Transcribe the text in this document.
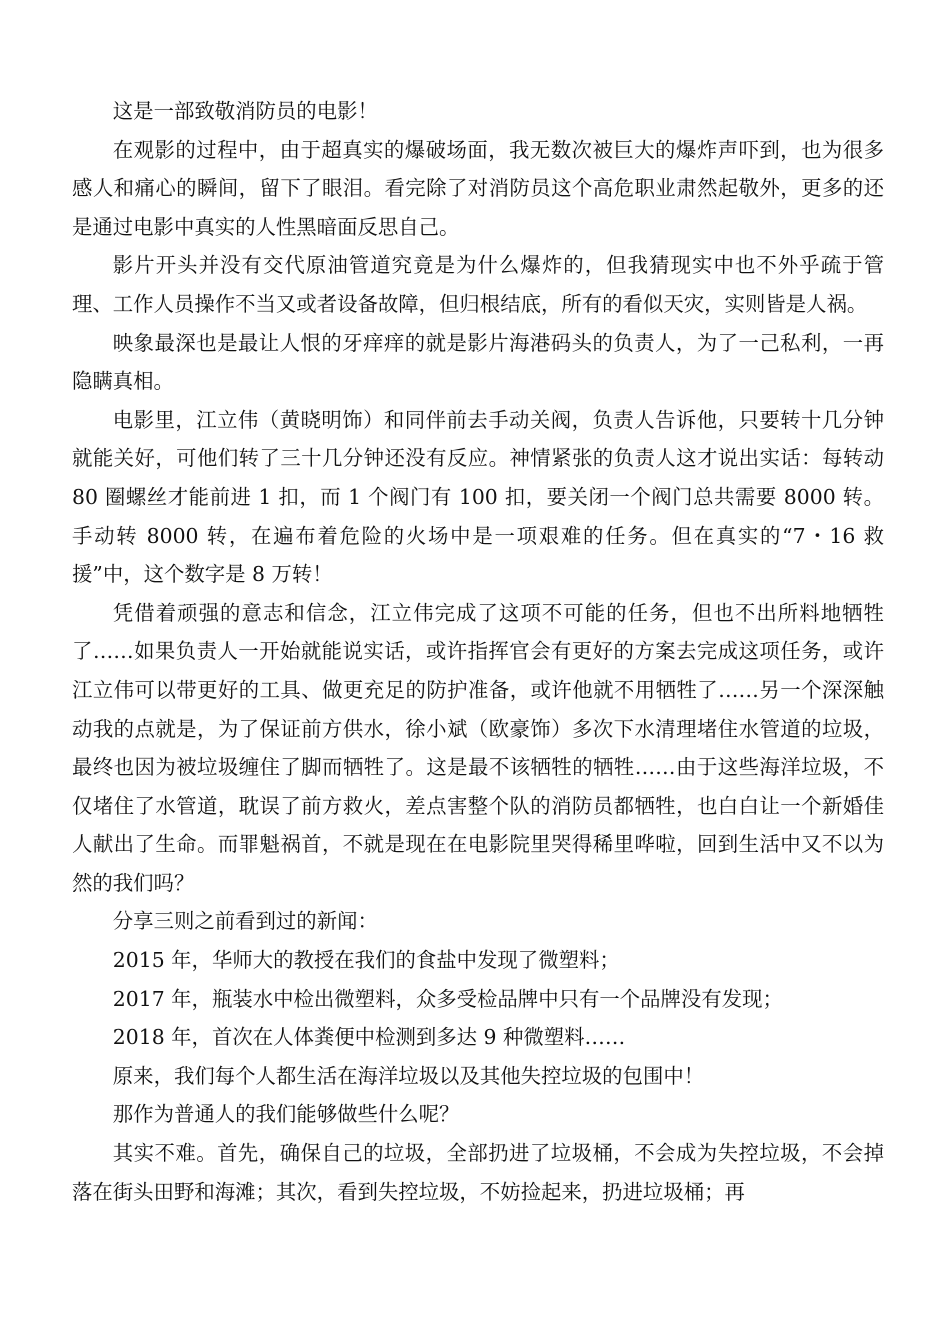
这是一部致敬消防员的电影！

在观影的过程中，由于超真实的爆破场面，我无数次被巨大的爆炸声吓到，也为很多感人和痛心的瞬间，留下了眼泪。看完除了对消防员这个高危职业肃然起敬外，更多的还是通过电影中真实的人性黑暗面反思自己。

影片开头并没有交代原油管道究竟是为什么爆炸的，但我猜现实中也不外乎疏于管理、工作人员操作不当又或者设备故障，但归根结底，所有的看似天灾，实则皆是人祸。

映象最深也是最让人恨的牙痒痒的就是影片海港码头的负责人，为了一己私利，一再隐瞒真相。

电影里，江立伟（黄晓明饰）和同伴前去手动关阀，负责人告诉他，只要转十几分钟就能关好，可他们转了三十几分钟还没有反应。神情紧张的负责人这才说出实话：每转动 80 圈螺丝才能前进 1 扣，而 1 个阀门有 100 扣，要关闭一个阀门总共需要 8000 转。手动转 8000 转，在遍布着危险的火场中是一项艰难的任务。但在真实的“7・16 救援”中，这个数字是 8 万转！

凭借着顽强的意志和信念，江立伟完成了这项不可能的任务，但也不出所料地牺牲了……如果负责人一开始就能说实话，或许指挥官会有更好的方案去完成这项任务，或许江立伟可以带更好的工具、做更充足的防护准备，或许他就不用牺牲了……另一个深深触动我的点就是，为了保证前方供水，徐小斌（欧豪饰）多次下水清理堵住水管道的垃圾，最终也因为被垃圾缠住了脚而牺牲了。这是最不该牺牲的牺牲……由于这些海洋垃圾，不仅堵住了水管道，耽误了前方救火，差点害整个队的消防员都牺牲，也白白让一个新婚佳人献出了生命。而罪魁祸首，不就是现在在电影院里哭得稀里哗啦，回到生活中又不以为然的我们吗？

分享三则之前看到过的新闻：

2015 年，华师大的教授在我们的食盐中发现了微塑料；

2017 年，瓶装水中检出微塑料，众多受检品牌中只有一个品牌没有发现；

2018 年，首次在人体粪便中检测到多达 9 种微塑料……

原来，我们每个人都生活在海洋垃圾以及其他失控垃圾的包围中！

那作为普通人的我们能够做些什么呢？

其实不难。首先，确保自己的垃圾，全部扔进了垃圾桶，不会成为失控垃圾，不会掉落在街头田野和海滩；其次，看到失控垃圾，不妨捡起来，扔进垃圾桶；再
